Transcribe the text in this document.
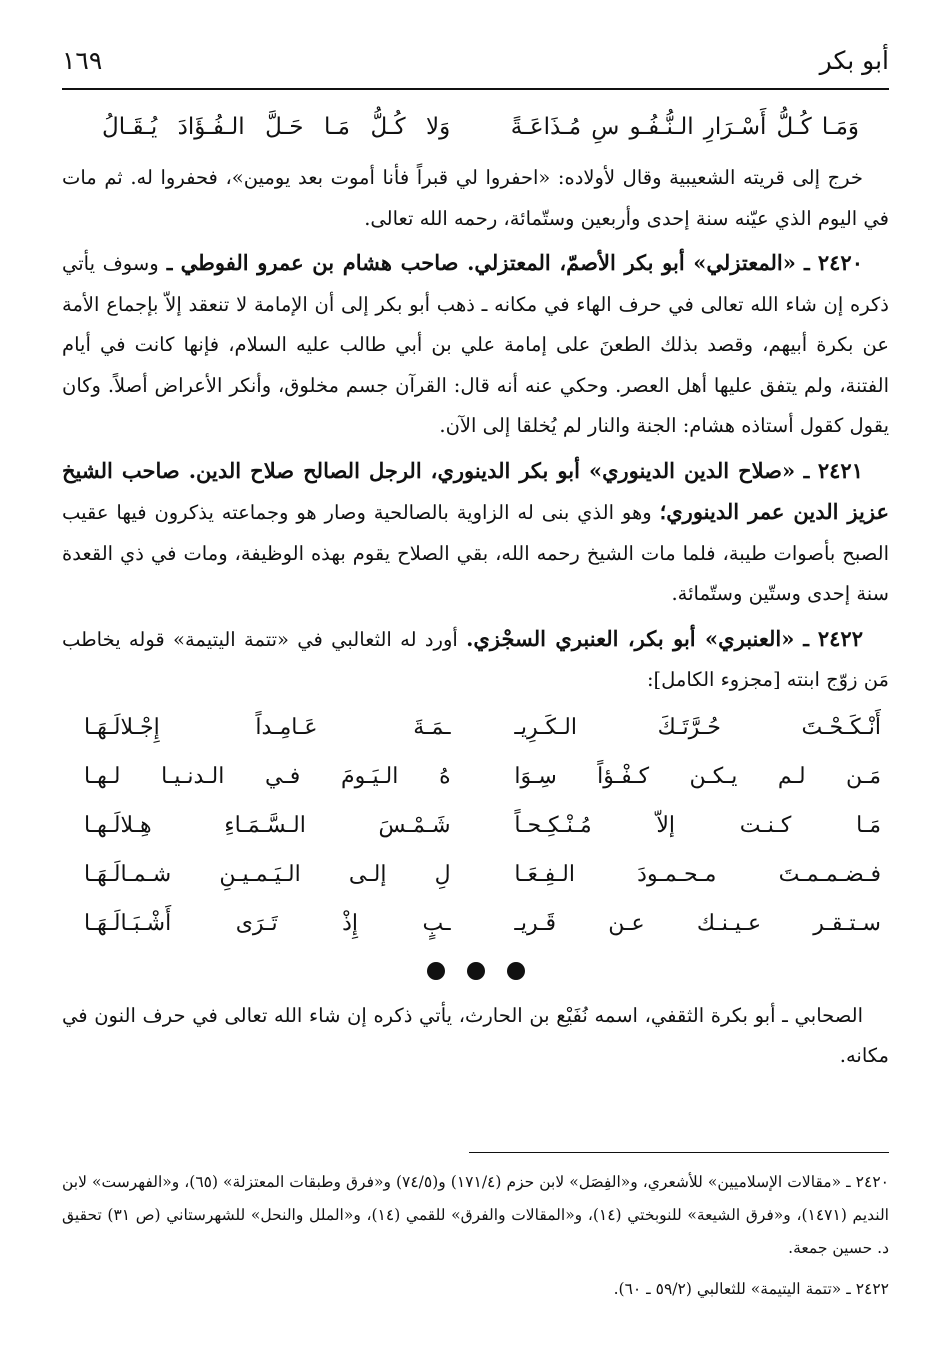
أبو بكر
١٦٩
وَمَـا كُـلُّ أَسْـرَارِ الـنُّـفُـو سِ مُـذَاعَـةً
وَلا كُـلُّ مَـا حَـلَّ الـفُـؤَادَ يُـقَـالُ

خرج إلى قريته الشعيبية وقال لأولاده: «احفروا لي قبراً فأنا أموت بعد يومين»، فحفروا له. ثم مات في اليوم الذي عيّنه سنة إحدى وأربعين وستّمائة، رحمه الله تعالى.

٢٤٢٠ ـ «المعتزلي» أبو بكر الأصمّ، المعتزلي. صاحب هشام بن عمرو الفوطي ـ وسوف يأتي ذكره إن شاء الله تعالى في حرف الهاء في مكانه ـ ذهب أبو بكر إلى أن الإمامة لا تنعقد إلاّ بإجماع الأمة عن بكرة أبيهم، وقصد بذلك الطعنَ على إمامة علي بن أبي طالب عليه السلام، فإنها كانت في أيام الفتنة، ولم يتفق عليها أهل العصر. وحكي عنه أنه قال: القرآن جسم مخلوق، وأنكر الأعراض أصلاً. وكان يقول كقول أستاذه هشام: الجنة والنار لم يُخلقا إلى الآن.

٢٤٢١ ـ «صلاح الدين الدينوري» أبو بكر الدينوري، الرجل الصالح صلاح الدين. صاحب الشيخ عزيز الدين عمر الدينوري؛ وهو الذي بنى له الزاوية بالصالحية وصار هو وجماعته يذكرون فيها عقيب الصبح بأصوات طيبة، فلما مات الشيخ رحمه الله، بقي الصلاح يقوم بهذه الوظيفة، ومات في ذي القعدة سنة إحدى وستّين وستّمائة.

٢٤٢٢ ـ «العنبري» أبو بكر، العنبري السجْزي. أورد له الثعالبي في «تتمة اليتيمة» قوله يخاطب مَن زوّج ابنته [مجزوء الكامل]:

أَنْـكَـحْـتَ حُـرَّتَـكَ الـكَـرِيـ
ـمَـةَ عَـامِـداً إِجْـلالَـهَـا
مَـن لـم يـكـن كـفْـؤاً سِـوَا
هُ الـيَـومَ فـي الـدنـيـا لـهـا
مَـا كـنـت إلاّ مُـنْـكِـحـاً
شَـمْـسَ الـسَّـمَـاءِ هِـلالَـهـا
فـضـمـمـتَ مـحـمـودَ الـفِـعَـا
لِ إلـى الـيَـمـيـنِ شـمـالَـهَـا
سـتـقـر عـيـنـك عـن قَـريـ
ـبٍ إِذْ تَـرَى أَشْـبَـالَـهَـا

الصحابي ـ أبو بكرة الثقفي، اسمه نُفَيْع بن الحارث، يأتي ذكره إن شاء الله تعالى في حرف النون في مكانه.

٢٤٢٠ ـ «مقالات الإسلاميين» للأشعري، و«الفِصَل» لابن حزم (١٧١/٤) و(٧٤/٥) و«فرق وطبقات المعتزلة» (٦٥)، و«الفهرست» لابن النديم (١٤٧١)، و«فرق الشيعة» للنوبختي (١٤)، و«المقالات والفرق» للقمي (١٤)، و«الملل والنحل» للشهرستاني (ص ٣١) تحقيق د. حسين جمعة.

٢٤٢٢ ـ «تتمة اليتيمة» للثعالبي (٥٩/٢ ـ ٦٠).
